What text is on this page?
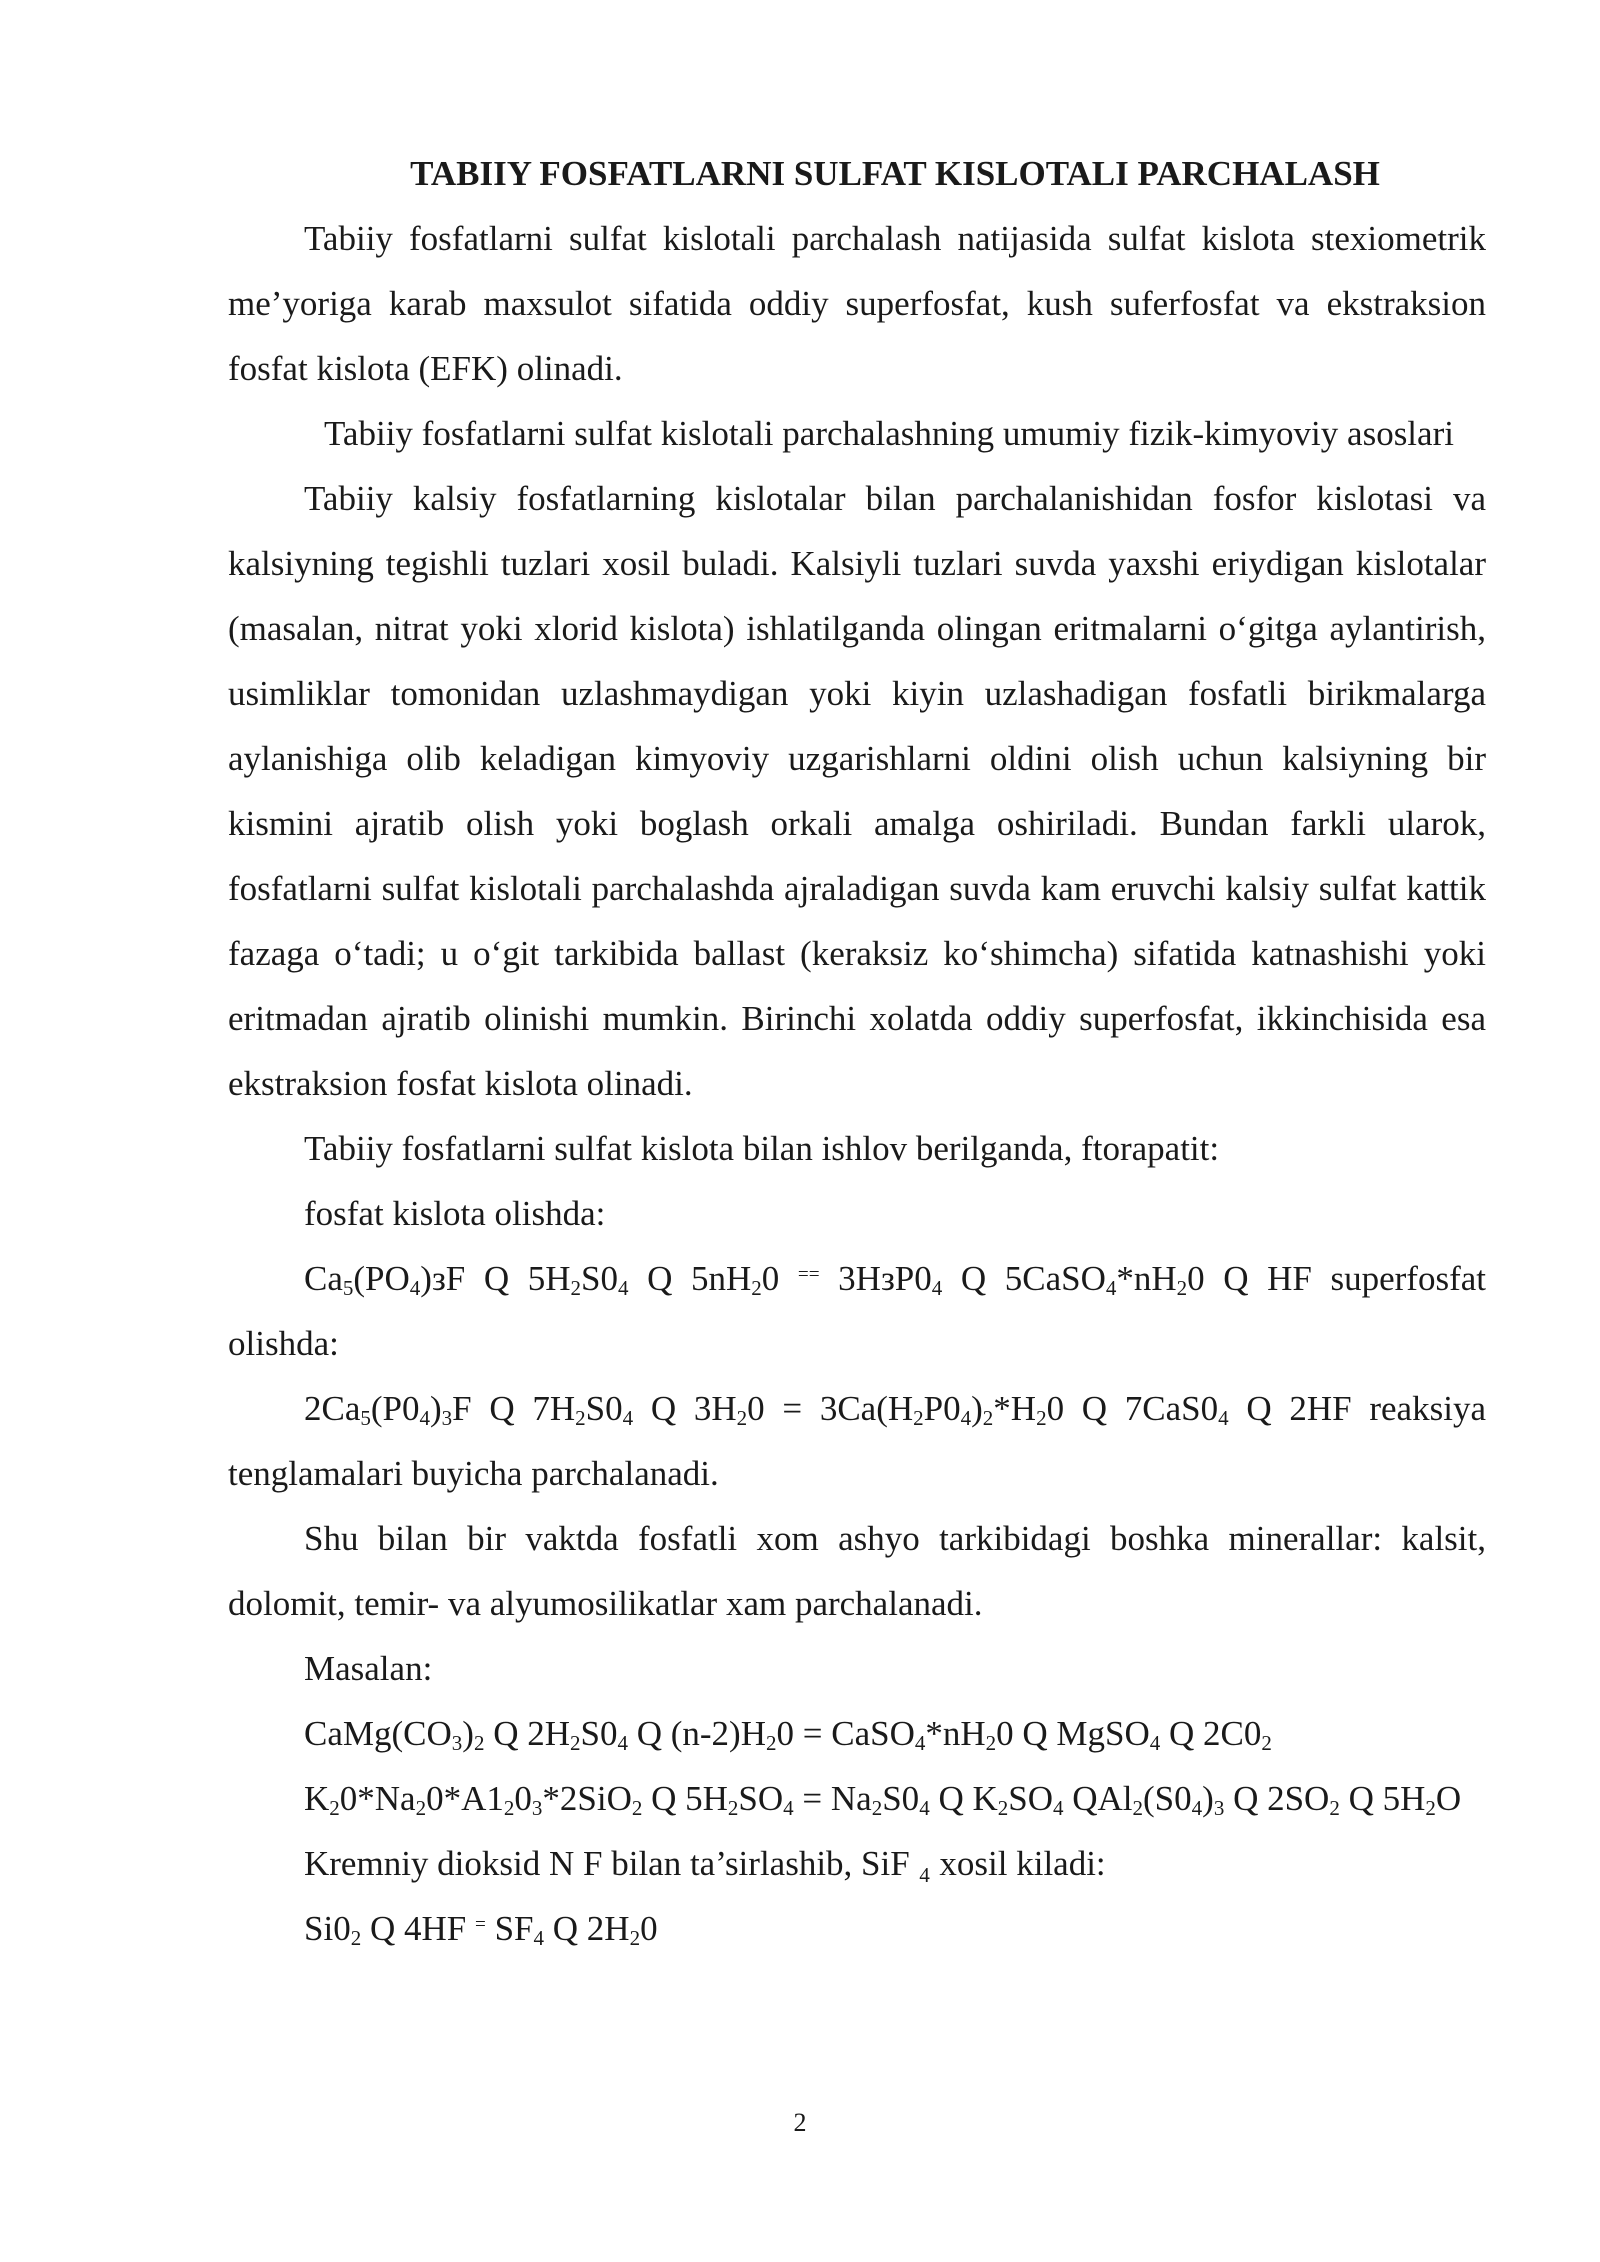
TABIIY FOSFATLARNI SULFAT KISLOTALI PARCHALASH

Tabiiy fosfatlarni sulfat kislotali parchalash natijasida sulfat kislota stexiometrik me’yoriga karab maxsulot sifatida oddiy superfosfat, kush suferfosfat va ekstraksion fosfat kislota (EFK) olinadi.

Tabiiy fosfatlarni sulfat kislotali parchalashning umumiy fizik-kimyoviy asoslari

Tabiiy kalsiy fosfatlarning kislotalar bilan parchalanishidan fosfor kislotasi va kalsiyning tegishli tuzlari xosil buladi. Kalsiyli tuzlari suvda yaxshi eriydigan kislotalar (masalan, nitrat yoki xlorid kislota) ishlatilganda olingan eritmalarni o‘gitga aylantirish, usimliklar tomonidan uzlashmaydigan yoki kiyin uzlashadigan fosfatli birikmalarga aylanishiga olib keladigan kimyoviy uzgarishlarni oldini olish uchun kalsiyning bir kismini ajratib olish yoki boglash orkali amalga oshiriladi. Bundan farkli ularok, fosfatlarni sulfat kislotali parchalashda ajraladigan suvda kam eruvchi kalsiy sulfat kattik fazaga o‘tadi; u o‘git tarkibida ballast (keraksiz ko‘shimcha) sifatida katnashishi yoki eritmadan ajratib olinishi mumkin. Birinchi xolatda oddiy superfosfat, ikkinchisida esa ekstraksion fosfat kislota olinadi.

Tabiiy fosfatlarni sulfat kislota bilan ishlov berilganda, ftorapatit:

fosfat kislota olishda:

$Ca_5(PO_4)зF$ Q $5H_2S0_4$ Q $5nH_20$ == $3HзP0_4$ Q $5CaSO_4*nH_20$ Q HF superfosfat olishda:

$2Ca_5(P0_4)_3F$ Q $7H_2S0_4$ Q $3H_20 = 3Ca(H_2P0_4)_2*H_20$ Q $7CaS0_4$ Q 2HF reaksiya tenglamalari buyicha parchalanadi.

Shu bilan bir vaktda fosfatli xom ashyo tarkibidagi boshka minerallar: kalsit, dolomit, temir- va alyumosilikatlar xam parchalanadi.

Masalan:

$CaMg(CO_3)_2$ Q $2H_2S0_4$ Q $(n-2)H_20$ = $CaSO_4*nH_20$ Q MgSO$_4$ Q $2C0_2$

$K_20*Na_20*A1_20_3*2SiO_2$ Q $5H_2SO_4 = Na_2S0_4$ Q $K_2SO_4$ $QAl_2(S0_4)_3$ Q $2SO_2$ Q $5H_2O$

Kremniy dioksid N F bilan ta’sirlashib, SiF ₄ xosil kiladi:

$Si0_2$ Q 4HF = $SF_4$ Q $2H_20$

2
